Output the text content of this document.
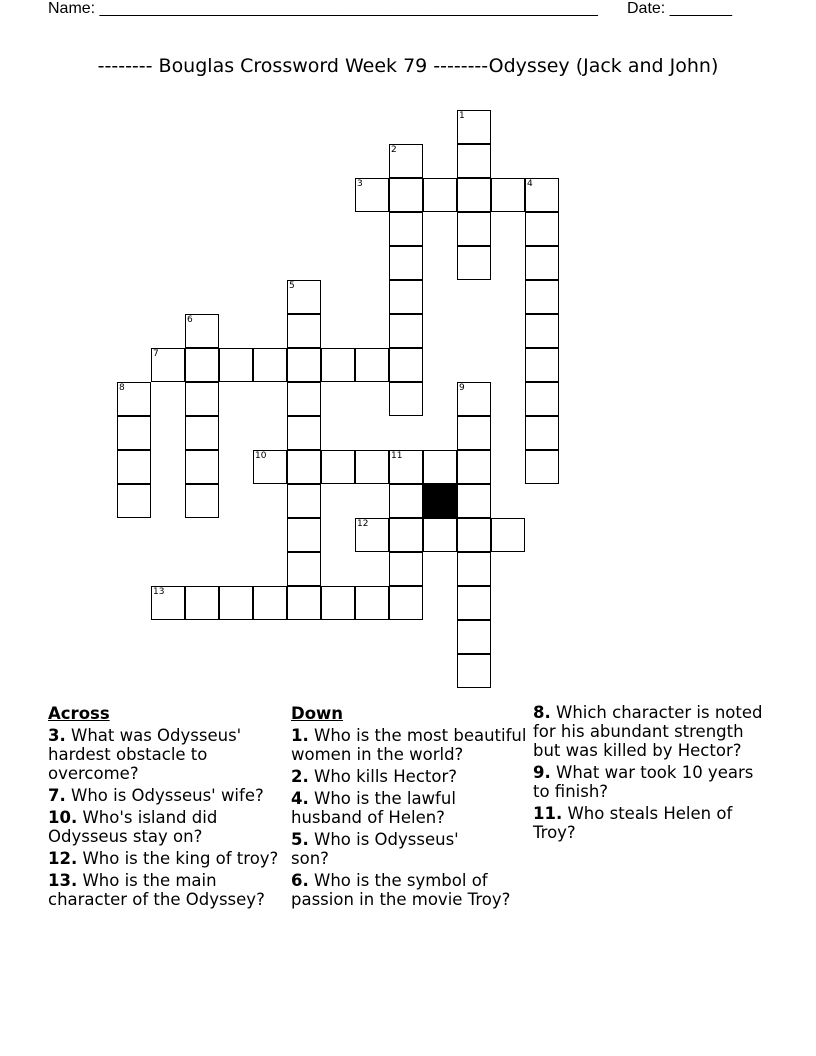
Name: ________________________________________________________ Date: _______
-------- Bouglas Crossword Week 79 --------Odyssey (Jack and John)
3	4
7
10	11
12
13
1
2
5
6
8	9
Across
3. What was Odysseus' hardest obstacle to overcome?
7. Who is Odysseus' wife?
10. Who's island did Odysseus stay on?
12. Who is the king of troy?
13. Who is the main character of the Odyssey?
Down
1. Who is the most beautiful women in the world?
2. Who kills Hector?
4. Who is the lawful husband of Helen?
5. Who is Odysseus' son?
6. Who is the symbol of passion in the movie Troy?
8. Which character is noted for his abundant strength but was killed by Hector?
9. What war took 10 years to finish?
11. Who steals Helen of Troy?
